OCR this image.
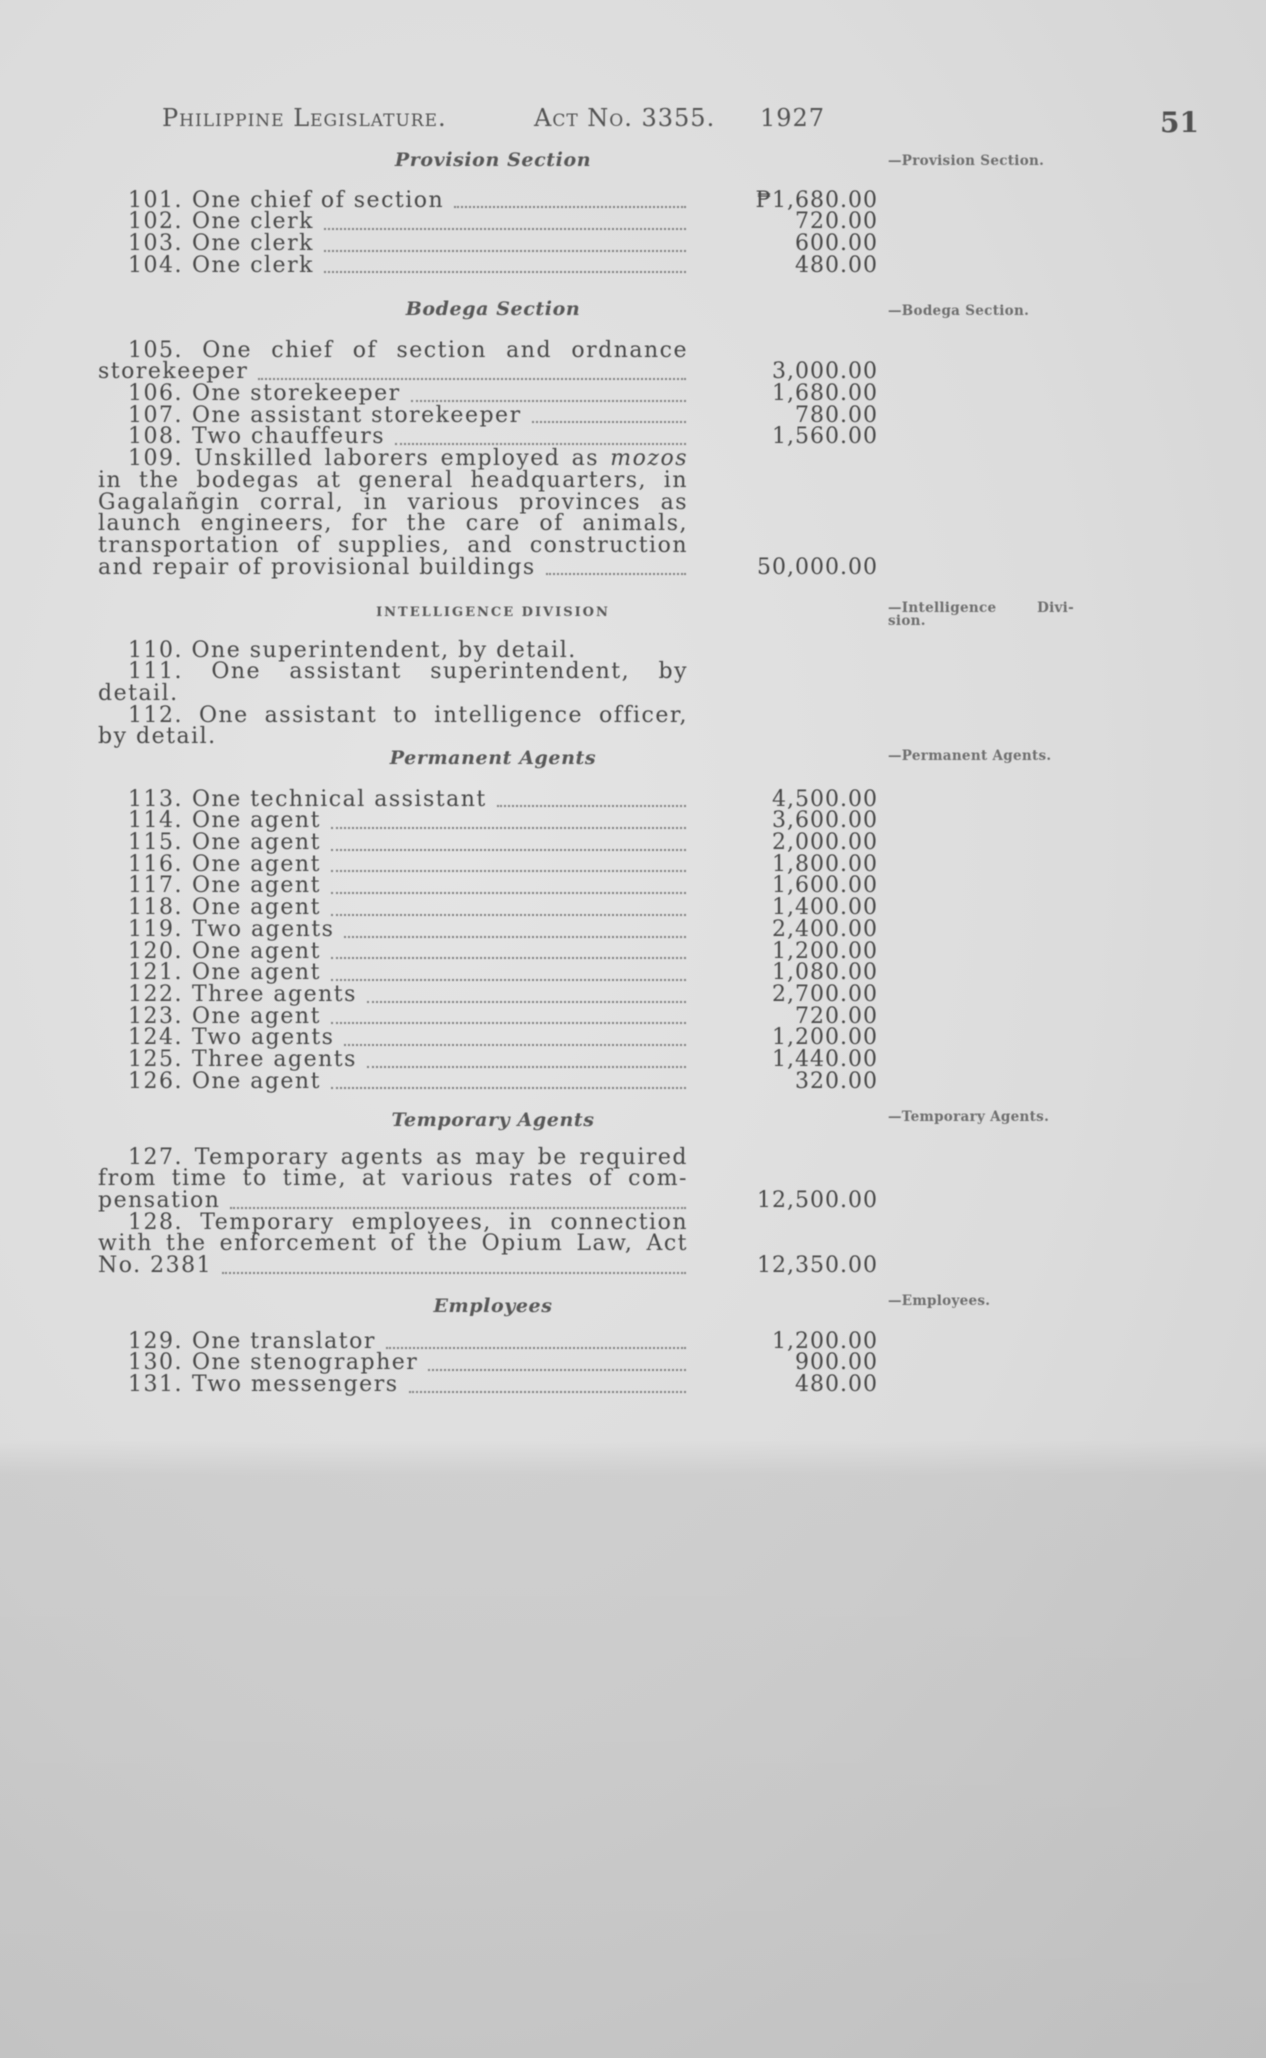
Philippine Legislature.	Act No. 3355. 1927	51
Provision Section	—Provision Section.
101. One chief of section	₱1,680.00
102. One clerk	720.00
103. One clerk	600.00
104. One clerk	480.00
Bodega Section	—Bodega Section.
105. One chief of section and ordnance
storekeeper	3,000.00
106. One storekeeper	1,680.00
107. One assistant storekeeper	780.00
108. Two chauffeurs	1,560.00
109. Unskilled laborers employed as mozos
in the bodegas at general headquarters, in
Gagalañgin corral, in various provinces as
launch engineers, for the care of animals,
transportation of supplies, and construction
and repair of provisional buildings	50,000.00
INTELLIGENCE DIVISION	—Intelligence Divi-
sion.
110. One superintendent, by detail.
111. One assistant superintendent, by
detail.
112. One assistant to intelligence officer,
by detail.
Permanent Agents	—Permanent Agents.
113. One technical assistant	4,500.00
114. One agent	3,600.00
115. One agent	2,000.00
116. One agent	1,800.00
117. One agent	1,600.00
118. One agent	1,400.00
119. Two agents	2,400.00
120. One agent	1,200.00
121. One agent	1,080.00
122. Three agents	2,700.00
123. One agent	720.00
124. Two agents	1,200.00
125. Three agents	1,440.00
126. One agent	320.00
Temporary Agents	—Temporary Agents.
127. Temporary agents as may be required
from time to time, at various rates of com-
pensation	12,500.00
128. Temporary employees, in connection
with the enforcement of the Opium Law, Act
No. 2381	12,350.00
Employees	—Employees.
129. One translator	1,200.00
130. One stenographer	900.00
131. Two messengers	480.00
